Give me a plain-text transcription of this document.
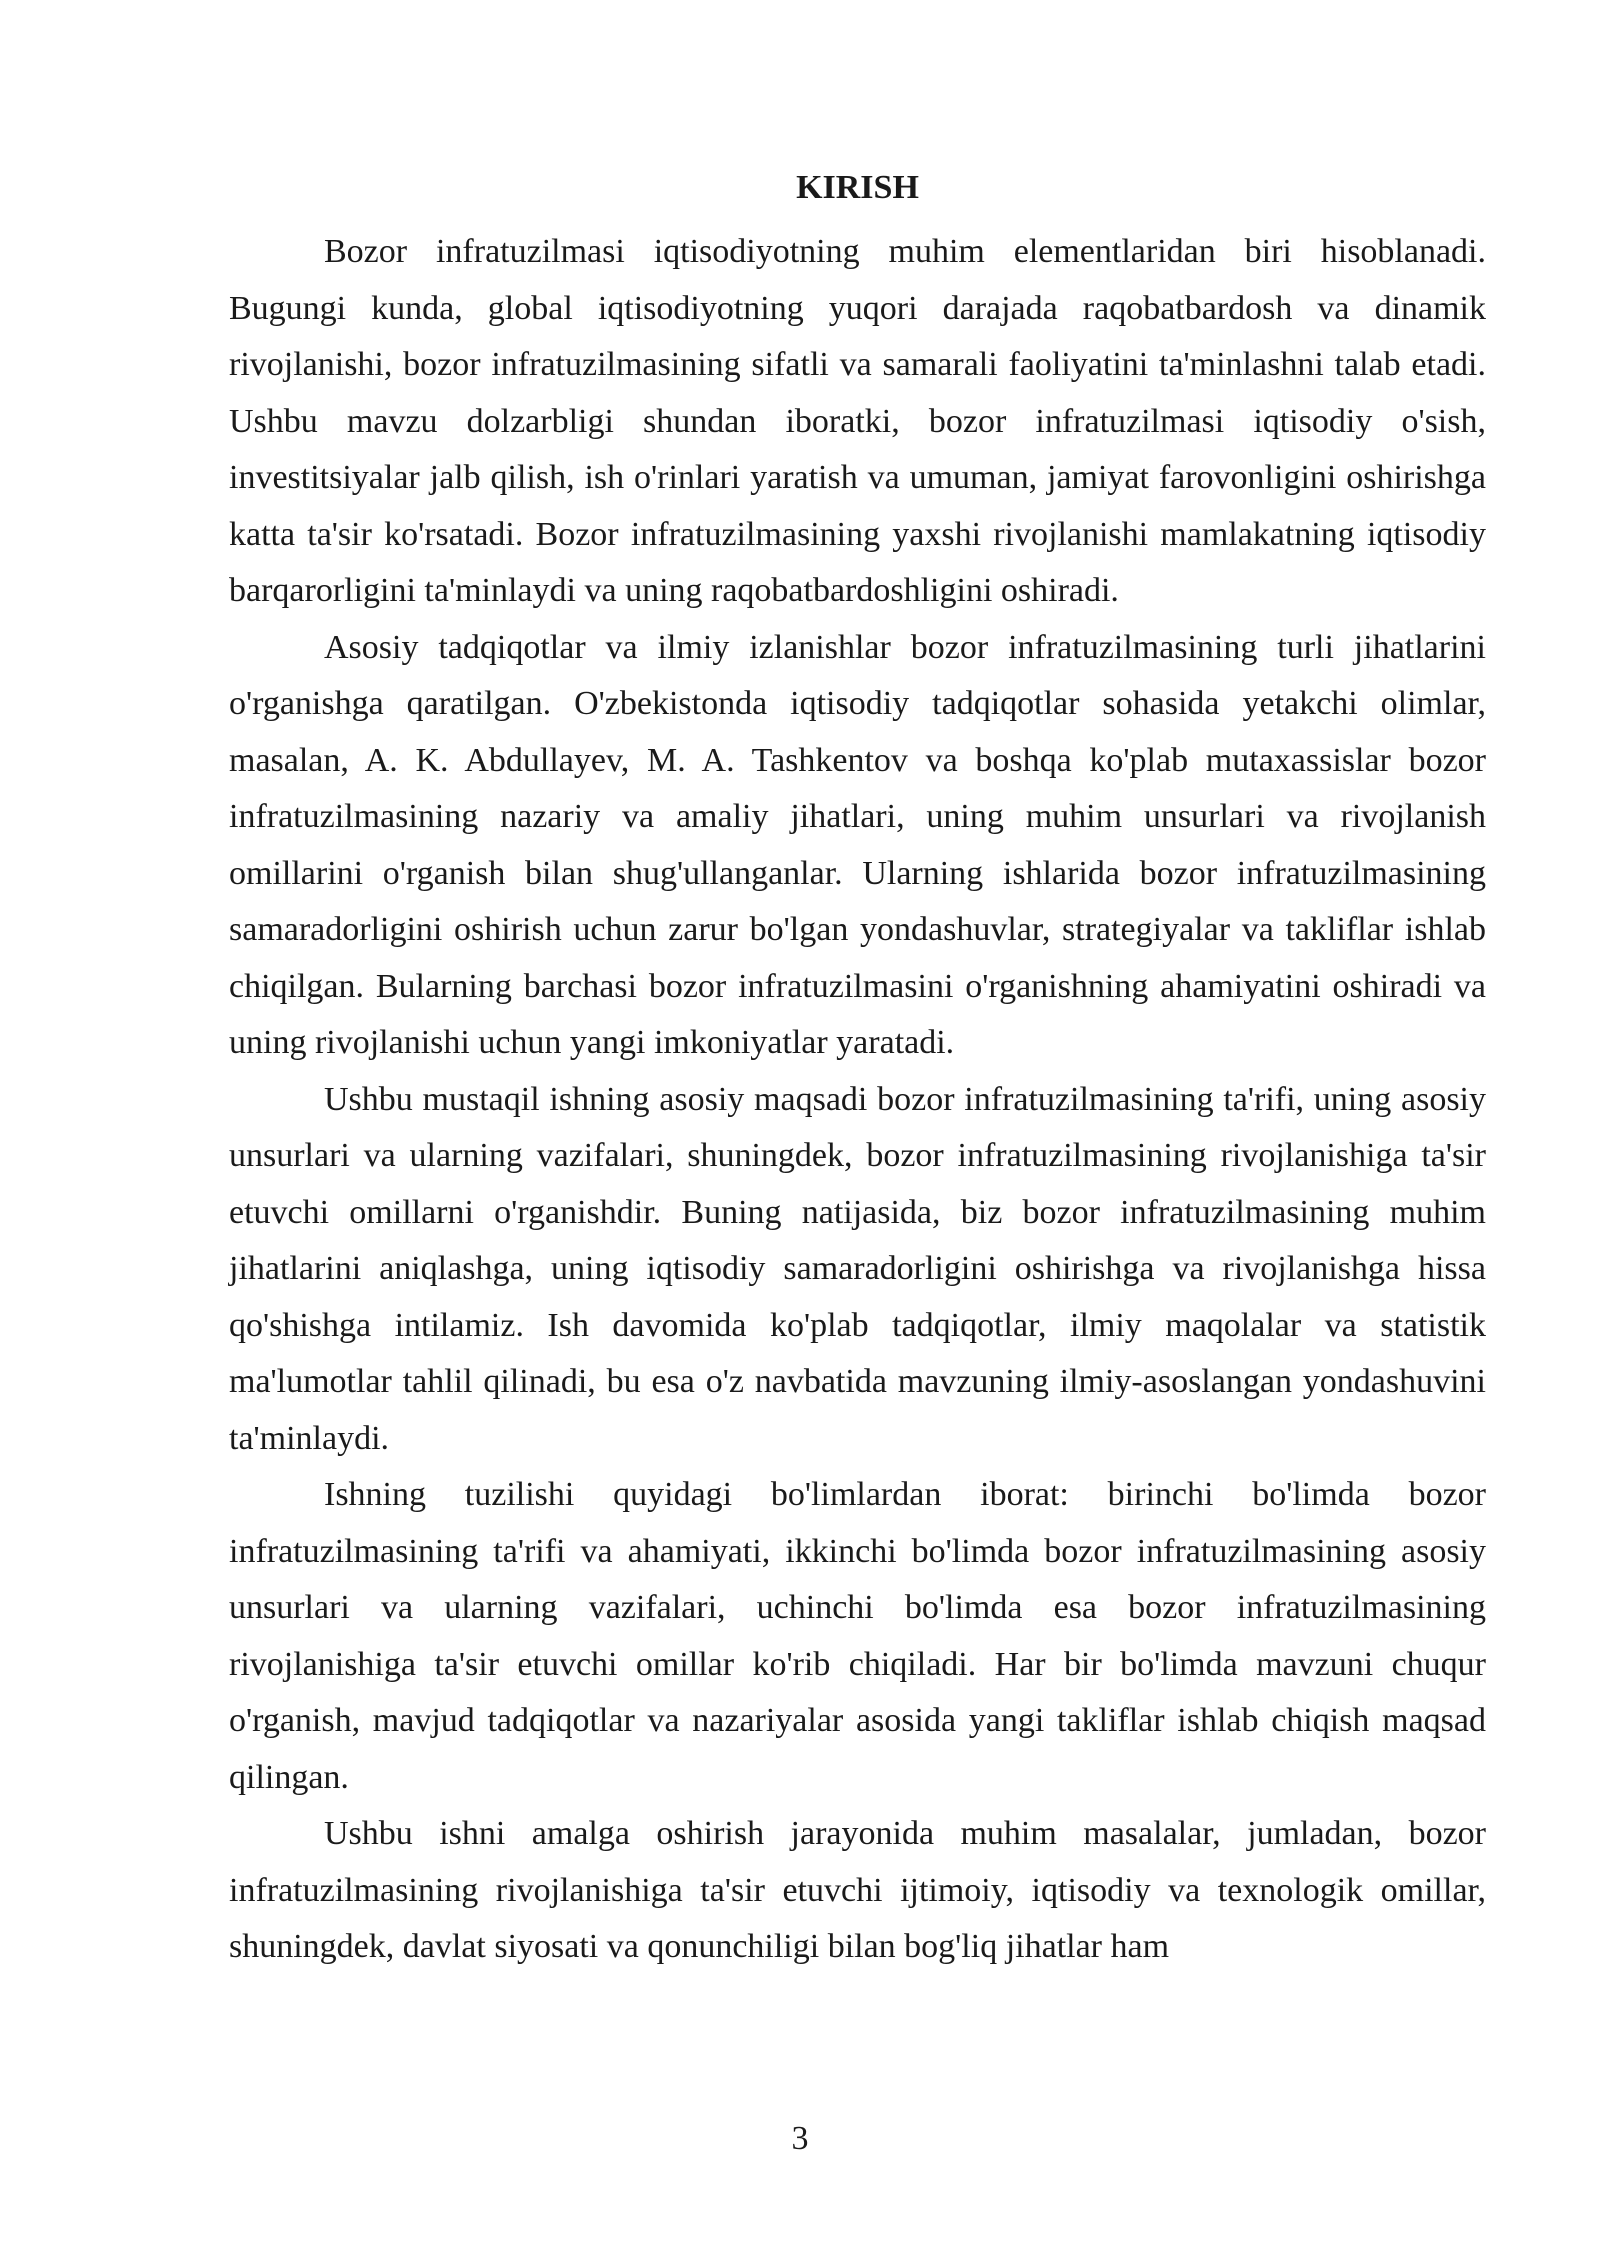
KIRISH

Bozor infratuzilmasi iqtisodiyotning muhim elementlaridan biri hisoblanadi. Bugungi kunda, global iqtisodiyotning yuqori darajada raqobatbardosh va dinamik rivojlanishi, bozor infratuzilmasining sifatli va samarali faoliyatini ta'minlashni talab etadi. Ushbu mavzu dolzarbligi shundan iboratki, bozor infratuzilmasi iqtisodiy o'sish, investitsiyalar jalb qilish, ish o'rinlari yaratish va umuman, jamiyat farovonligini oshirishga katta ta'sir ko'rsatadi. Bozor infratuzilmasining yaxshi rivojlanishi mamlakatning iqtisodiy barqarorligini ta'minlaydi va uning raqobatbardoshligini oshiradi.

Asosiy tadqiqotlar va ilmiy izlanishlar bozor infratuzilmasining turli jihatlarini o'rganishga qaratilgan. O'zbekistonda iqtisodiy tadqiqotlar sohasida yetakchi olimlar, masalan, A. K. Abdullayev, M. A. Tashkentov va boshqa ko'plab mutaxassislar bozor infratuzilmasining nazariy va amaliy jihatlari, uning muhim unsurlari va rivojlanish omillarini o'rganish bilan shug'ullanganlar. Ularning ishlarida bozor infratuzilmasining samaradorligini oshirish uchun zarur bo'lgan yondashuvlar, strategiyalar va takliflar ishlab chiqilgan. Bularning barchasi bozor infratuzilmasini o'rganishning ahamiyatini oshiradi va uning rivojlanishi uchun yangi imkoniyatlar yaratadi.

Ushbu mustaqil ishning asosiy maqsadi bozor infratuzilmasining ta'rifi, uning asosiy unsurlari va ularning vazifalari, shuningdek, bozor infratuzilmasining rivojlanishiga ta'sir etuvchi omillarni o'rganishdir. Buning natijasida, biz bozor infratuzilmasining muhim jihatlarini aniqlashga, uning iqtisodiy samaradorligini oshirishga va rivojlanishga hissa qo'shishga intilamiz. Ish davomida ko'plab tadqiqotlar, ilmiy maqolalar va statistik ma'lumotlar tahlil qilinadi, bu esa o'z navbatida mavzuning ilmiy-asoslangan yondashuvini ta'minlaydi.

Ishning tuzilishi quyidagi bo'limlardan iborat: birinchi bo'limda bozor infratuzilmasining ta'rifi va ahamiyati, ikkinchi bo'limda bozor infratuzilmasining asosiy unsurlari va ularning vazifalari, uchinchi bo'limda esa bozor infratuzilmasining rivojlanishiga ta'sir etuvchi omillar ko'rib chiqiladi. Har bir bo'limda mavzuni chuqur o'rganish, mavjud tadqiqotlar va nazariyalar asosida yangi takliflar ishlab chiqish maqsad qilingan.

Ushbu ishni amalga oshirish jarayonida muhim masalalar, jumladan, bozor infratuzilmasining rivojlanishiga ta'sir etuvchi ijtimoiy, iqtisodiy va texnologik omillar, shuningdek, davlat siyosati va qonunchiligi bilan bog'liq jihatlar ham

3
